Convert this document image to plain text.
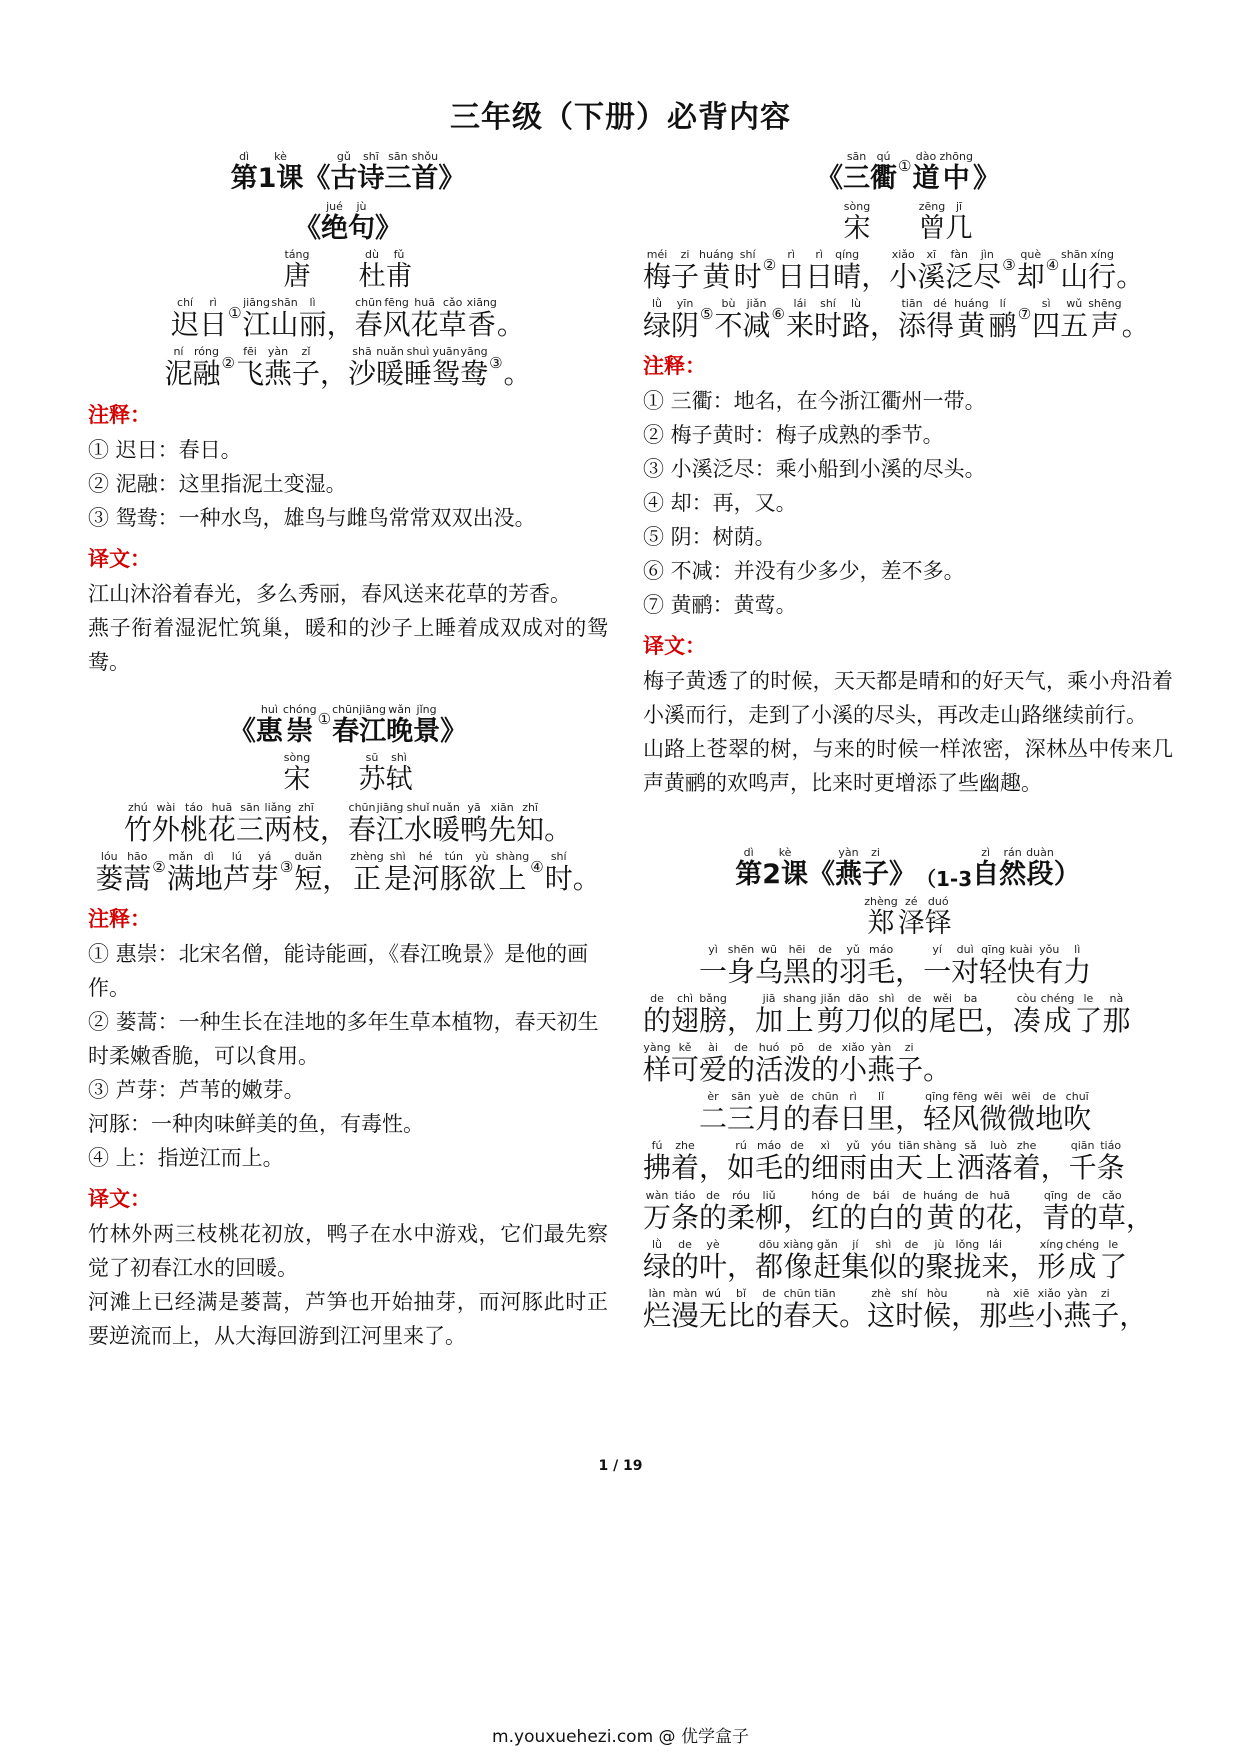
三年级（下册）必背内容
dì
第
kè
1课 《
gǔ
古
shī
诗
sān
三
shǒu
首 》
《
jué
绝
jù
句 》
táng
唐
dù
杜
fǔ
甫
chí
迟
rì
日 ①
jiāng
江
shān
山
lì
丽 ，
chūn
春
fēng
风
huā
花
cǎo
草
xiāng
香 。
ní
泥
róng
融 ②
fēi
飞
yàn
燕
zǐ
子 ，
shā
沙
nuǎn
暖
shuì
睡
yuān
鸳
yāng
鸯 ③ 。
注释：
① 迟日：春日。
② 泥融：这里指泥土变湿。
③ 鸳鸯：一种水鸟，雄鸟与雌鸟常常双双出没。
译文：
江山沐浴着春光，多么秀丽，春风送来花草的芳香。
燕子衔着湿泥忙筑巢，暖和的沙子上睡着成双成对的鸳鸯。
《
huì
惠
chóng
崇 ①
chūn
春
jiāng
江
wǎn
晚
jǐng
景 》
sòng
宋
sū
苏
shì
轼
zhú
竹
wài
外
táo
桃
huā
花
sān
三
liǎng
两
zhī
枝 ，
chūn
春
jiāng
江
shuǐ
水
nuǎn
暖
yā
鸭
xiān
先
zhī
知 。
lóu
蒌
hāo
蒿 ②
mǎn
满
dì
地
lú
芦
yá
芽 ③
duǎn
短 ，
zhèng
正
shì
是
hé
河
tún
豚
yù
欲
shàng
上 ④
shí
时 。
注释：
① 惠崇：北宋名僧，能诗能画，《春江晚景》是他的画作。
② 蒌蒿：一种生长在洼地的多年生草本植物，春天初生时柔嫩香脆，可以食用。
③ 芦芽：芦苇的嫩芽。
河豚：一种肉味鲜美的鱼，有毒性。
④ 上：指逆江而上。
译文：
竹林外两三枝桃花初放，鸭子在水中游戏，它们最先察觉了初春江水的回暖。
河滩上已经满是蒌蒿，芦笋也开始抽芽，而河豚此时正要逆流而上，从大海回游到江河里来了。
《
sān
三
qú
衢 ①
dào
道
zhōng
中 》
sòng
宋
zēng
曾
jī
几
méi
梅
zi
子
huáng
黄
shí
时 ②
rì
日
rì
日
qíng
晴 ，
xiǎo
小
xī
溪
fàn
泛
jìn
尽 ③
què
却 ④
shān
山
xíng
行 。
lǜ
绿
yīn
阴 ⑤
bù
不
jiǎn
减 ⑥
lái
来
shí
时
lù
路 ，
tiān
添
dé
得
huáng
黄
lí
鹂 ⑦
sì
四
wǔ
五
shēng
声 。
注释：
① 三衢：地名，在今浙江衢州一带。
② 梅子黄时：梅子成熟的季节。
③ 小溪泛尽：乘小船到小溪的尽头。
④ 却：再，又。
⑤ 阴：树荫。
⑥ 不减：并没有少多少，差不多。
⑦ 黄鹂：黄莺。
译文：
梅子黄透了的时候，天天都是晴和的好天气，乘小舟沿着小溪而行，走到了小溪的尽头，再改走山路继续前行。
山路上苍翠的树，与来的时候一样浓密，深林丛中传来几声黄鹂的欢鸣声，比来时更增添了些幽趣。
dì
第
kè
2课 《
yàn
燕
zi
子 》 （1-3
zì
自
rán
然
duàn
段 ）
zhèng
郑
zé
泽
duó
铎
yì
一
shēn
身
wū
乌
hēi
黑
de
的
yǔ
羽
máo
毛 ，
yí
一
duì
对
qīng
轻
kuài
快
yǒu
有
lì
力
de
的
chì
翅
bǎng
膀 ，
jiā
加
shang
上
jiǎn
剪
dāo
刀
shì
似
de
的
wěi
尾
ba
巴 ，
còu
凑
chéng
成
le
了
nà
那
yàng
样
kě
可
ài
爱
de
的
huó
活
pō
泼
de
的
xiǎo
小
yàn
燕
zi
子 。
èr
二
sān
三
yuè
月
de
的
chūn
春
rì
日
lǐ
里 ，
qīng
轻
fēng
风
wēi
微
wēi
微
de
地
chuī
吹
fú
拂
zhe
着 ，
rú
如
máo
毛
de
的
xì
细
yǔ
雨
yóu
由
tiān
天
shàng
上
sǎ
洒
luò
落
zhe
着 ，
qiān
千
tiáo
条
wàn
万
tiáo
条
de
的
róu
柔
liǔ
柳 ，
hóng
红
de
的
bái
白
de
的
huáng
黄
de
的
huā
花 ，
qīng
青
de
的
cǎo
草 ，
lǜ
绿
de
的
yè
叶 ，
dōu
都
xiàng
像
gǎn
赶
jí
集
shì
似
de
的
jù
聚
lǒng
拢
lái
来 ，
xíng
形
chéng
成
le
了
làn
烂
màn
漫
wú
无
bǐ
比
de
的
chūn
春
tiān
天 。
zhè
这
shí
时
hòu
候 ，
nà
那
xiē
些
xiǎo
小
yàn
燕
zi
子 ，
1 / 19
m.youxuehezi.com @ 优学盒子
